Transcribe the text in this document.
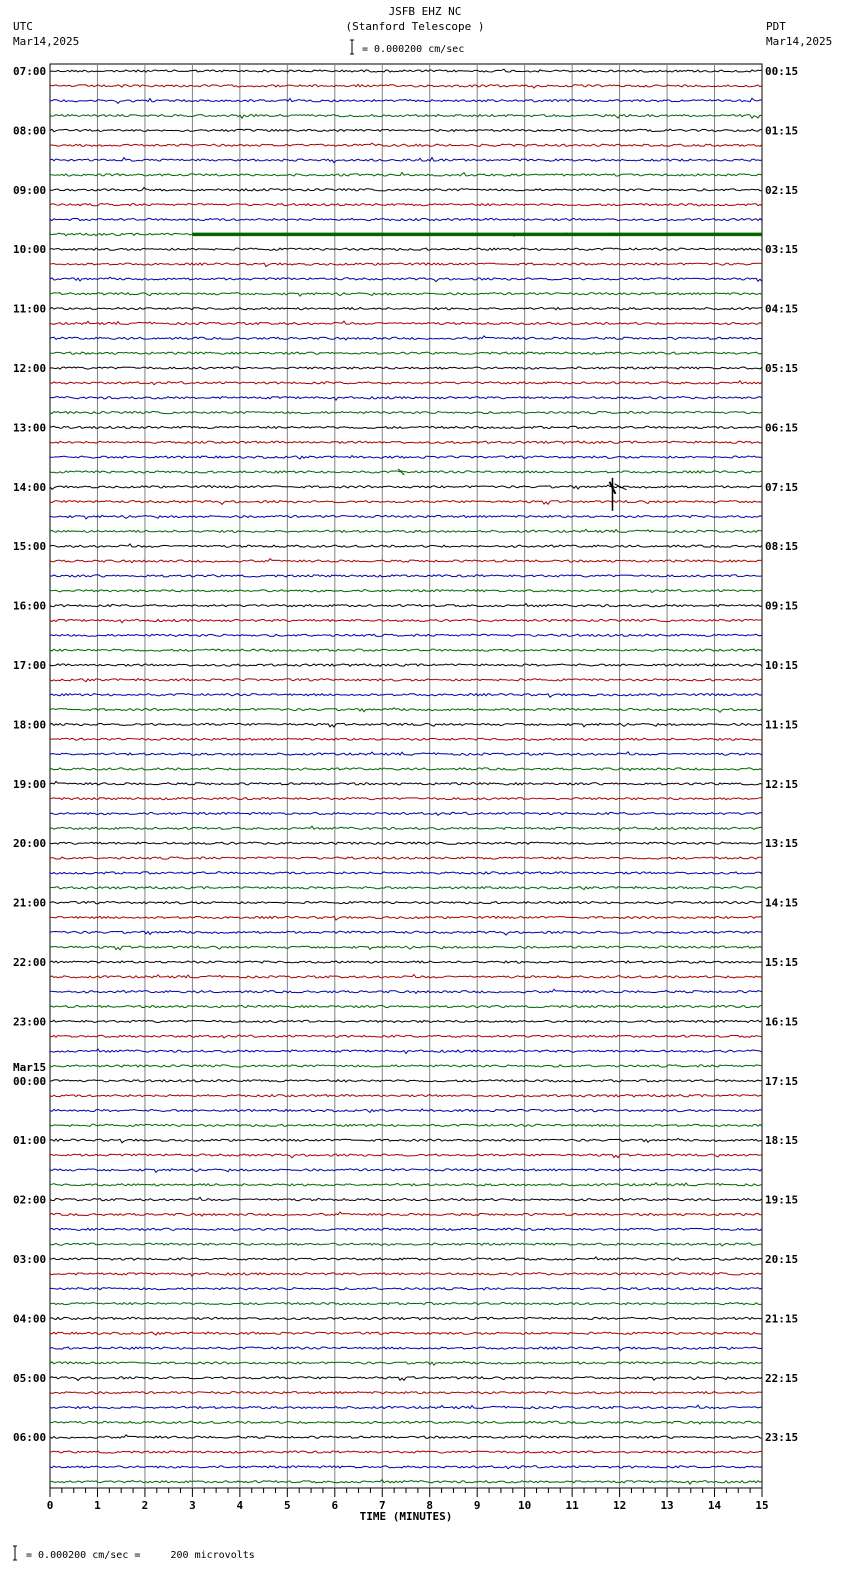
JSFB EHZ NC
(Stanford Telescope )
UTC
Mar14,2025
PDT
Mar14,2025
= 0.000200 cm/sec
= 0.000200 cm/sec =     200 microvolts
07:00
08:00
09:00
10:00
11:00
12:00
13:00
14:00
15:00
16:00
17:00
18:00
19:00
20:00
21:00
22:00
23:00
00:00
01:00
02:00
03:00
04:00
05:00
06:00
00:15
01:15
02:15
03:15
04:15
05:15
06:15
07:15
08:15
09:15
10:15
11:15
12:15
13:15
14:15
15:15
16:15
17:15
18:15
19:15
20:15
21:15
22:15
23:15
Mar15
0	1	2	3	4	5	6	7	8	9	10	11	12	13	14	15
TIME (MINUTES)
